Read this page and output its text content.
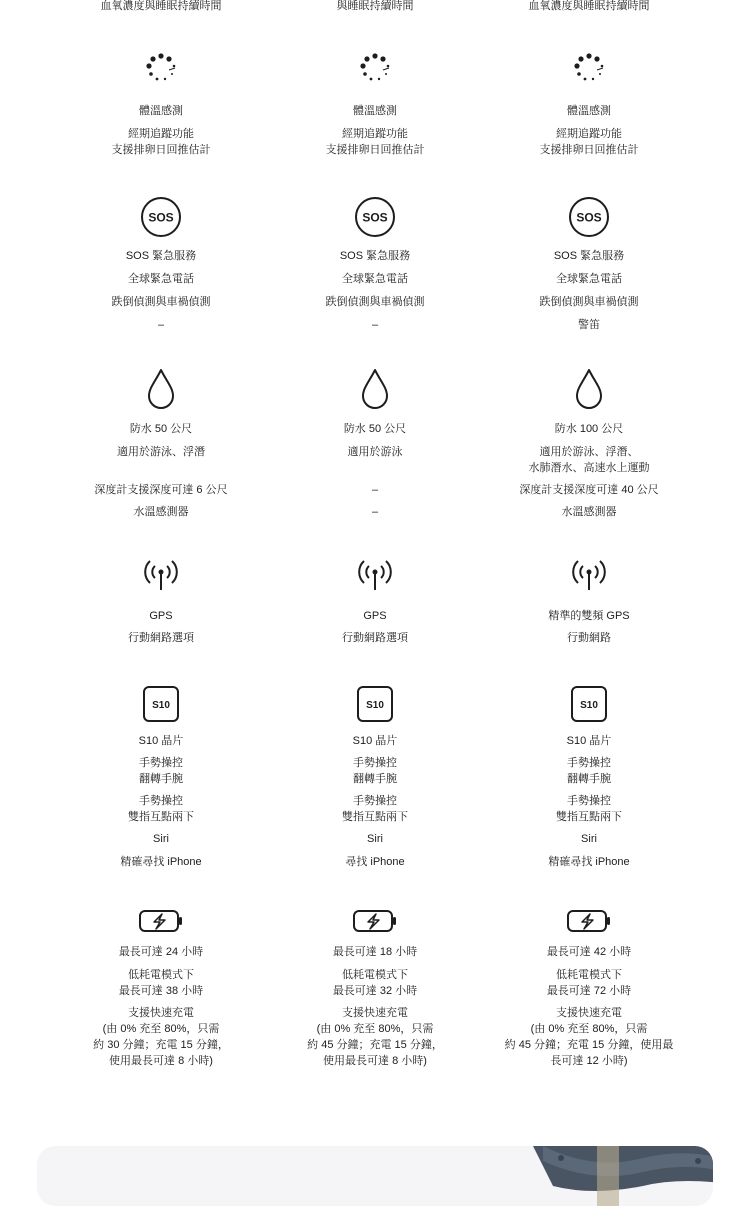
血氧濃度與睡眠持續時間

體溫感測

經期追蹤功能

支援排卵日回推估計

SOS

SOS 緊急服務

全球緊急電話

跌倒偵測與車禍偵測

–

防水 50 公尺

適用於游泳、浮潛

深度計支援深度可達 6 公尺

水溫感測器

GPS

行動網路選項

S10

S10 晶片

手勢操控

翻轉手腕

手勢操控

雙指互點兩下

Siri

精確尋找 iPhone

最長可達 24 小時

低耗電模式下

最長可達 38 小時

支援快速充電

(由 0% 充至 80%，只需

約 30 分鐘；充電 15 分鐘，

使用最長可達 8 小時)

與睡眠持續時間

體溫感測

經期追蹤功能

支援排卵日回推估計

SOS

SOS 緊急服務

全球緊急電話

跌倒偵測與車禍偵測

–

防水 50 公尺

適用於游泳

–

–

GPS

行動網路選項

S10

S10 晶片

手勢操控

翻轉手腕

手勢操控

雙指互點兩下

Siri

尋找 iPhone

最長可達 18 小時

低耗電模式下

最長可達 32 小時

支援快速充電

(由 0% 充至 80%，只需

約 45 分鐘；充電 15 分鐘，

使用最長可達 8 小時)

血氧濃度與睡眠持續時間

體溫感測

經期追蹤功能

支援排卵日回推估計

SOS

SOS 緊急服務

全球緊急電話

跌倒偵測與車禍偵測

警笛

防水 100 公尺

適用於游泳、浮潛、

水肺潛水、高速水上運動

深度計支援深度可達 40 公尺

水溫感測器

精準的雙頻 GPS

行動網路

S10

S10 晶片

手勢操控

翻轉手腕

手勢操控

雙指互點兩下

Siri

精確尋找 iPhone

最長可達 42 小時

低耗電模式下

最長可達 72 小時

支援快速充電

(由 0% 充至 80%，只需

約 45 分鐘；充電 15 分鐘，使用最

長可達 12 小時)
